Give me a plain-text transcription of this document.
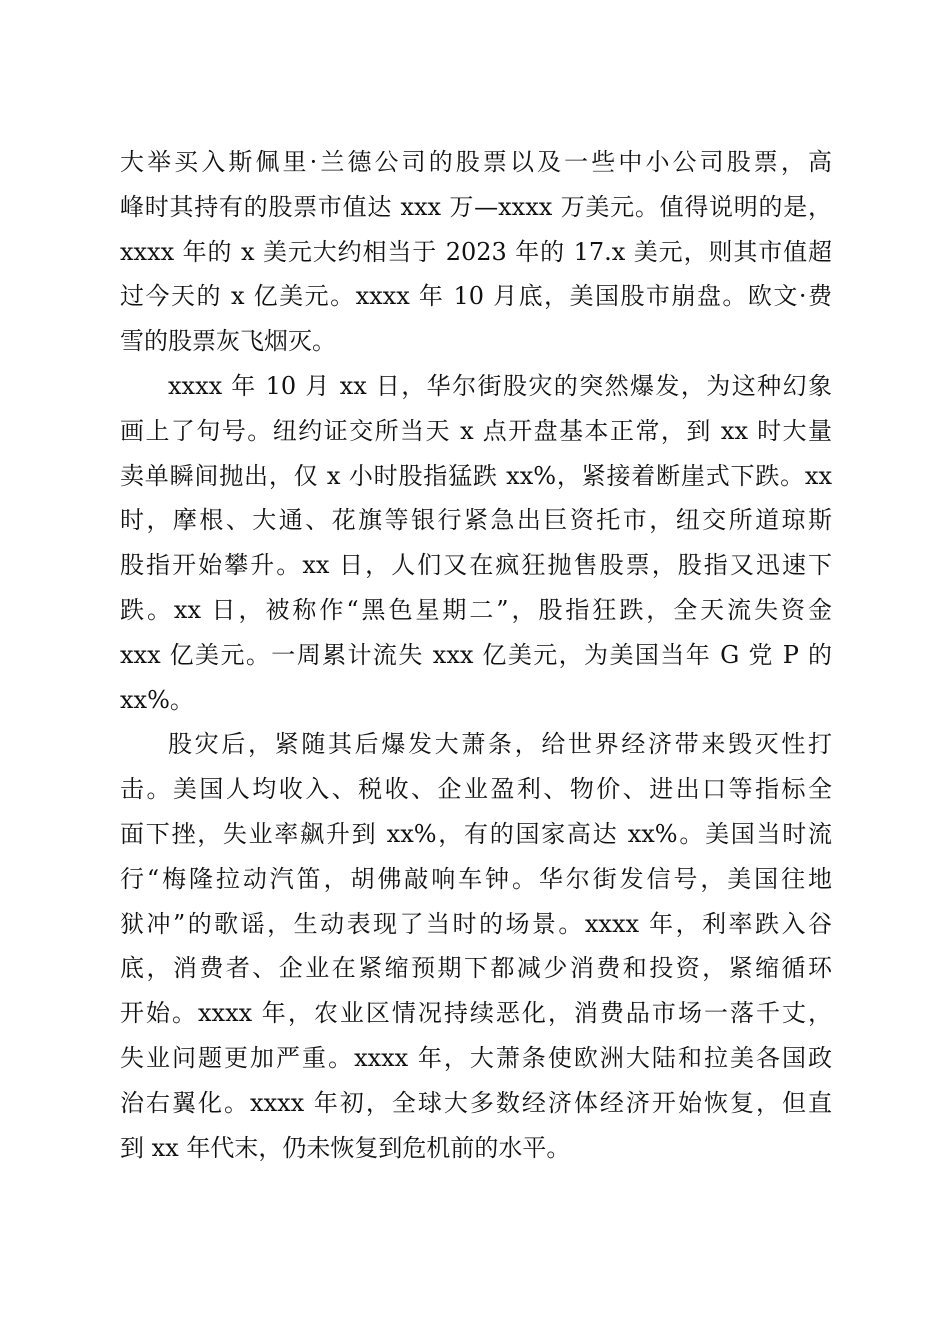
大举买入斯佩里·兰德公司的股票以及一些中小公司股票，高
峰时其持有的股票市值达 xxx 万—xxxx 万美元。值得说明的是，
xxxx 年的 x 美元大约相当于 2023 年的 17.x 美元，则其市值超
过今天的 x 亿美元。xxxx 年 10 月底，美国股市崩盘。欧文·费
雪的股票灰飞烟灭。
xxxx 年 10 月 xx 日，华尔街股灾的突然爆发，为这种幻象
画上了句号。纽约证交所当天 x 点开盘基本正常，到 xx 时大量
卖单瞬间抛出，仅 x 小时股指猛跌 xx%，紧接着断崖式下跌。xx
时，摩根、大通、花旗等银行紧急出巨资托市，纽交所道琼斯
股指开始攀升。xx 日，人们又在疯狂抛售股票，股指又迅速下
跌。xx 日，被称作“黑色星期二”，股指狂跌，全天流失资金
xxx 亿美元。一周累计流失 xxx 亿美元，为美国当年 G 党 P 的
xx%。
股灾后，紧随其后爆发大萧条，给世界经济带来毁灭性打
击。美国人均收入、税收、企业盈利、物价、进出口等指标全
面下挫，失业率飙升到 xx%，有的国家高达 xx%。美国当时流
行“梅隆拉动汽笛，胡佛敲响车钟。华尔街发信号，美国往地
狱冲”的歌谣，生动表现了当时的场景。xxxx 年，利率跌入谷
底，消费者、企业在紧缩预期下都减少消费和投资，紧缩循环
开始。xxxx 年，农业区情况持续恶化，消费品市场一落千丈，
失业问题更加严重。xxxx 年，大萧条使欧洲大陆和拉美各国政
治右翼化。xxxx 年初，全球大多数经济体经济开始恢复，但直
到 xx 年代末，仍未恢复到危机前的水平。
